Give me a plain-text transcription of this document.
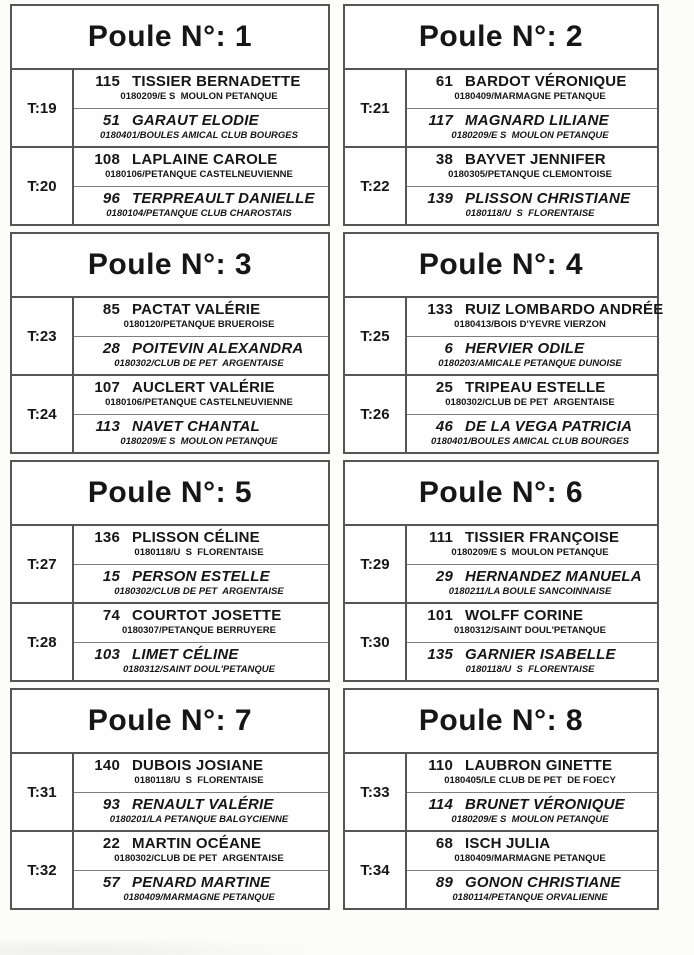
Poule N°: 1
T:19
115 TISSIER BERNADETTE
0180209/E S  MOULON PETANQUE
51 GARAUT ELODIE
0180401/BOULES AMICAL CLUB BOURGES
T:20
108 LAPLAINE CAROLE
0180106/PETANQUE CASTELNEUVIENNE
96 TERPREAULT DANIELLE
0180104/PETANQUE CLUB CHAROSTAIS
Poule N°: 2
T:21
61 BARDOT VÉRONIQUE
0180409/MARMAGNE PETANQUE
117 MAGNARD LILIANE
0180209/E S  MOULON PETANQUE
T:22
38 BAYVET JENNIFER
0180305/PETANQUE CLEMONTOISE
139 PLISSON CHRISTIANE
0180118/U  S  FLORENTAISE
Poule N°: 3
T:23
85 PACTAT VALÉRIE
0180120/PETANQUE BRUEROISE
28 POITEVIN ALEXANDRA
0180302/CLUB DE PET  ARGENTAISE
T:24
107 AUCLERT VALÉRIE
0180106/PETANQUE CASTELNEUVIENNE
113 NAVET CHANTAL
0180209/E S  MOULON PETANQUE
Poule N°: 4
T:25
133 RUIZ LOMBARDO ANDRÉE
0180413/BOIS D'YEVRE VIERZON
6 HERVIER ODILE
0180203/AMICALE PETANQUE DUNOISE
T:26
25 TRIPEAU ESTELLE
0180302/CLUB DE PET  ARGENTAISE
46 DE LA VEGA PATRICIA
0180401/BOULES AMICAL CLUB BOURGES
Poule N°: 5
T:27
136 PLISSON CÉLINE
0180118/U  S  FLORENTAISE
15 PERSON ESTELLE
0180302/CLUB DE PET  ARGENTAISE
T:28
74 COURTOT JOSETTE
0180307/PETANQUE BERRUYERE
103 LIMET CÉLINE
0180312/SAINT DOUL'PETANQUE
Poule N°: 6
T:29
111 TISSIER FRANÇOISE
0180209/E S  MOULON PETANQUE
29 HERNANDEZ MANUELA
0180211/LA BOULE SANCOINNAISE
T:30
101 WOLFF CORINE
0180312/SAINT DOUL'PETANQUE
135 GARNIER ISABELLE
0180118/U  S  FLORENTAISE
Poule N°: 7
T:31
140 DUBOIS JOSIANE
0180118/U  S  FLORENTAISE
93 RENAULT VALÉRIE
0180201/LA PETANQUE BALGYCIENNE
T:32
22 MARTIN OCÉANE
0180302/CLUB DE PET  ARGENTAISE
57 PENARD MARTINE
0180409/MARMAGNE PETANQUE
Poule N°: 8
T:33
110 LAUBRON GINETTE
0180405/LE CLUB DE PET  DE FOECY
114 BRUNET VÉRONIQUE
0180209/E S  MOULON PETANQUE
T:34
68 ISCH JULIA
0180409/MARMAGNE PETANQUE
89 GONON CHRISTIANE
0180114/PETANQUE ORVALIENNE
